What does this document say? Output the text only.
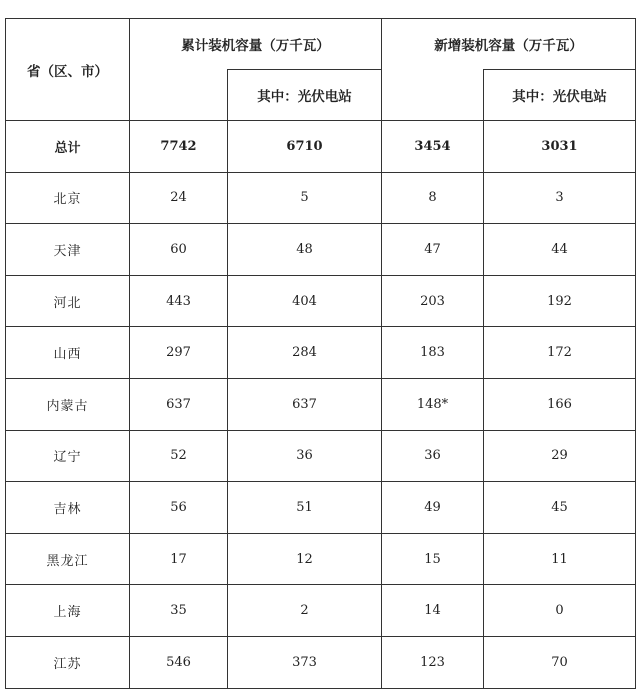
省（区、市）	累计装机容量（万千瓦）		新增装机容量（万千瓦）	
		其中：光伏电站		其中：光伏电站
总计	7742	6710	3454	3031
北京	24	5	8	3
天津	60	48	47	44
河北	443	404	203	192
山西	297	284	183	172
内蒙古	637	637	148*	166
辽宁	52	36	36	29
吉林	56	51	49	45
黑龙江	17	12	15	11
上海	35	2	14	0
江苏	546	373	123	70
